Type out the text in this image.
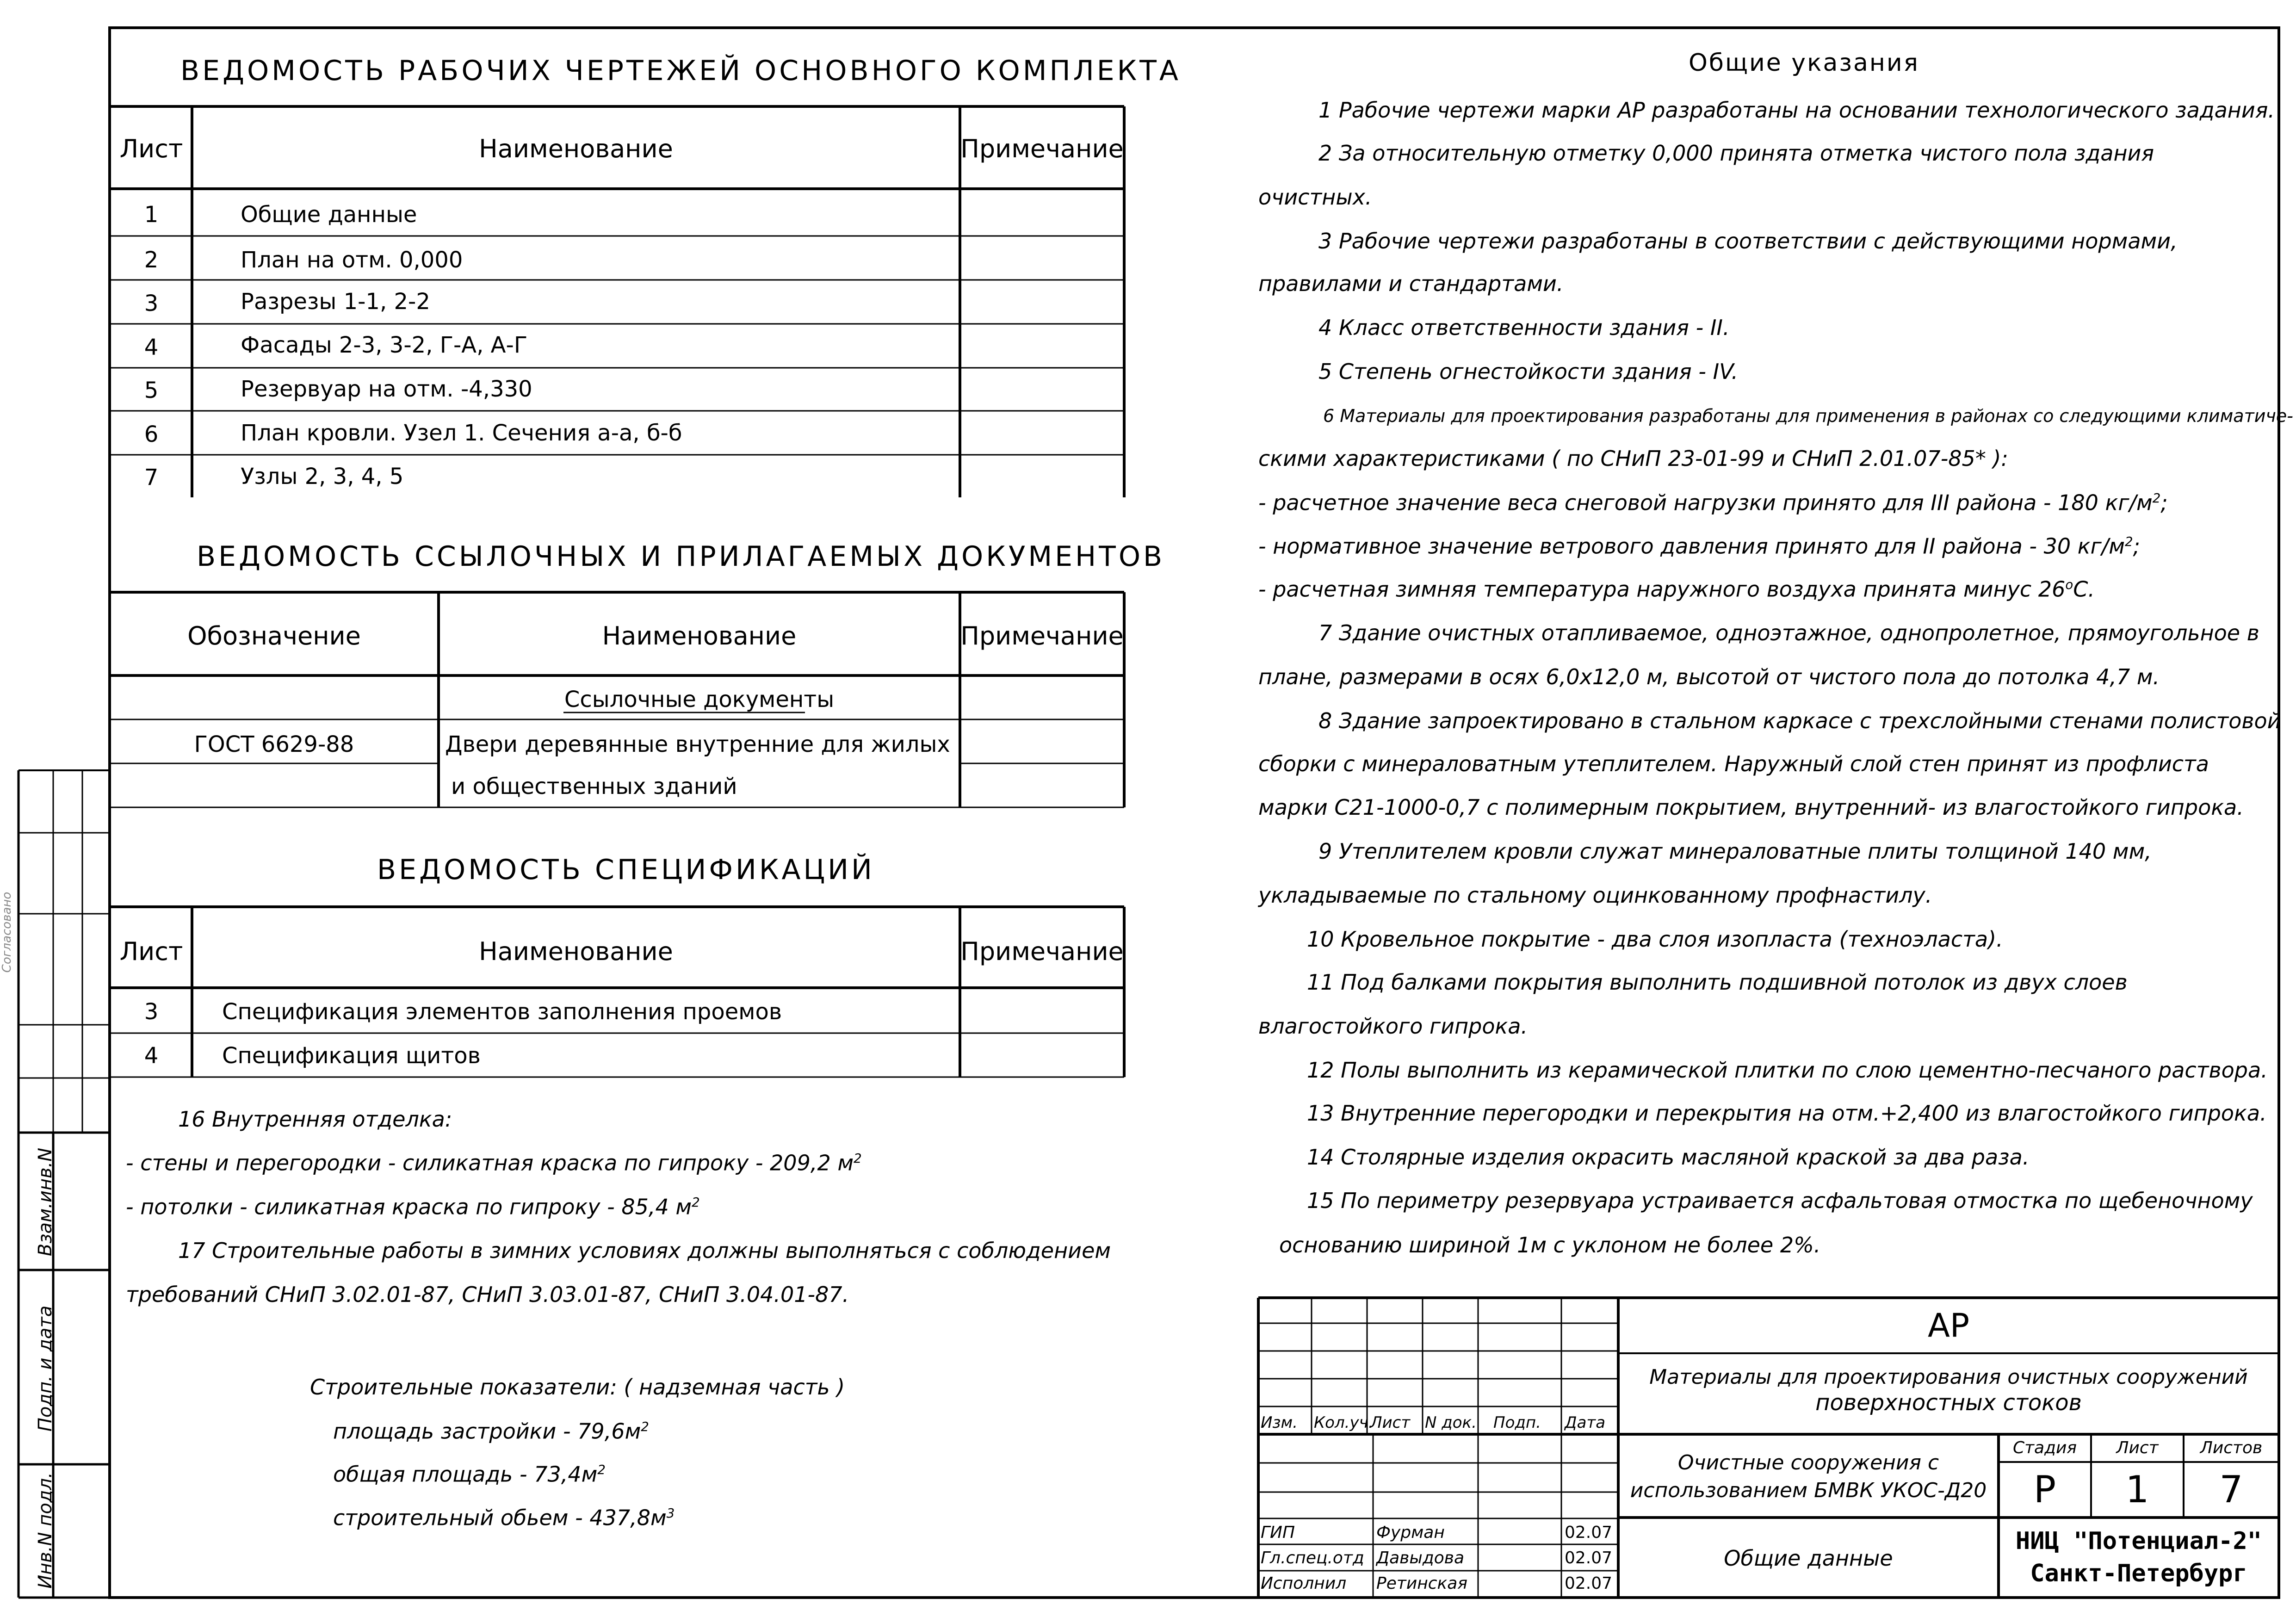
ВЕДОМОСТЬ РАБОЧИХ ЧЕРТЕЖЕЙ ОСНОВНОГО КОМПЛЕКТА
Лист	Наименование	Примечание
1	Общие данные
2	План на отм. 0,000
3	Разрезы 1-1, 2-2
4	Фасады 2-3, 3-2, Г-А, А-Г
5	Резервуар на отм. -4,330
6	План кровли. Узел 1. Сечения а-а, б-б
7	Узлы 2, 3, 4, 5
ВЕДОМОСТЬ ССЫЛОЧНЫХ И ПРИЛАГАЕМЫХ ДОКУМЕНТОВ
Обозначение	Наименование	Примечание
Ссылочные документы
ГОСТ 6629-88	Двери деревянные внутренние для жилых
и общественных зданий
ВЕДОМОСТЬ СПЕЦИФИКАЦИЙ
Лист	Наименование	Примечание
3	Спецификация элементов заполнения проемов
4	Спецификация щитов
16 Внутренняя отделка:
- стены и перегородки - силикатная краска по гипроку - 209,2 $м^2$
- потолки - силикатная краска по гипроку - 85,4 $м^2$
17 Строительные работы в зимних условиях должны выполняться с соблюдением
требований СНиП 3.02.01-87, СНиП 3.03.01-87, СНиП 3.04.01-87.
Строительные показатели: ( надземная часть )
площадь застройки - $79,6м^2$
общая площадь - $73,4м^2$
строительный обьем - $437,8м^3$
Общие указания
1 Рабочие чертежи марки АР разработаны на основании технологического задания.
2 За относительную отметку 0,000 принята отметка чистого пола здания
очистных.
3 Рабочие чертежи разработаны в соответствии с действующими нормами,
правилами и стандартами.
4 Класс ответственности здания - II.
5 Степень огнестойкости здания - IV.
6 Материалы для проектирования разработаны для применения в районах со следующими климатиче-
скими характеристиками ( по СНиП 23-01-99 и СНиП 2.01.07-85* ):
- расчетное значение веса снеговой нагрузки принято для III района - 180 $кг/м^2$;
- нормативное значение ветрового давления принято для II района - 30 $кг/м^2$;
- расчетная зимняя температура наружного воздуха принята минус 26$^o$С.
7 Здание очистных отапливаемое, одноэтажное, однопролетное, прямоугольное в
плане, размерами в осях 6,0х12,0 м, высотой от чистого пола до потолка 4,7 м.
8 Здание запроектировано в стальном каркасе с трехслойными стенами полистовой
сборки с минераловатным утеплителем. Наружный слой стен принят из профлиста
марки С21-1000-0,7 с полимерным покрытием, внутренний- из влагостойкого гипрока.
9 Утеплителем кровли служат минераловатные плиты толщиной 140 мм,
укладываемые по стальному оцинкованному профнастилу.
10 Кровельное покрытие - два слоя изопласта (техноэласта).
11 Под балками покрытия выполнить подшивной потолок из двух слоев
влагостойкого гипрока.
12 Полы выполнить из керамической плитки по слою цементно-песчаного раствора.
13 Внутренние перегородки и перекрытия на отм.+2,400 из влагостойкого гипрока.
14 Столярные изделия окрасить масляной краской за два раза.
15 По периметру резервуара устраивается асфальтовая отмостка по щебеночному
основанию шириной 1м с уклоном не более 2%.
АР
Материалы для проектирования очистных сооружений
поверхностных стоков
Очистные сооружения с
использованием БМВК УКОС-Д20
Общие данные
Стадия	Лист	Листов
Р	1	7
НИЦ "Потенциал-2"
Санкт-Петербург
Изм. Кол.уч.
Лист N док. Подп. Дата
ГИП	Фурман	02.07
Гл.спец.отд Давыдова	02.07
Исполнил Ретинская	02.07
Инв.N подл.
Подп. и дата
Взам.инв.N
Согласовано
